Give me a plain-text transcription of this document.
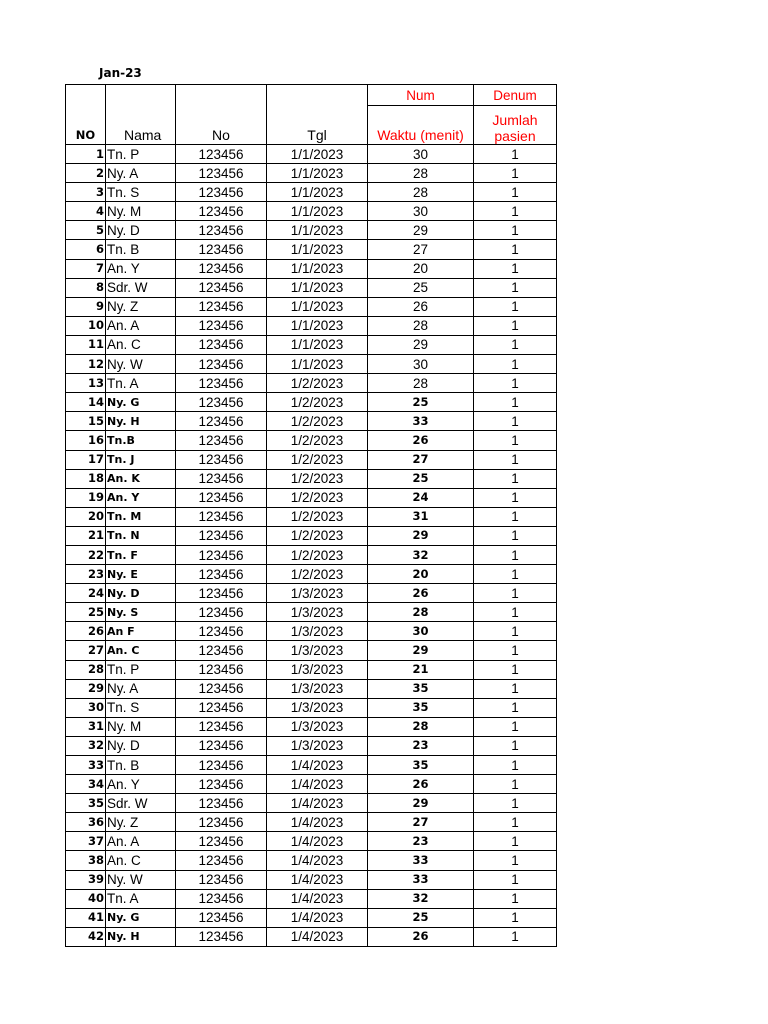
Jan-23
NO	Nama	No	Tgl	Num	Denum
				Waktu (menit)	Jumlah
pasien
1	Tn. P	123456	1/1/2023	30	1
2	Ny. A	123456	1/1/2023	28	1
3	Tn. S	123456	1/1/2023	28	1
4	Ny. M	123456	1/1/2023	30	1
5	Ny. D	123456	1/1/2023	29	1
6	Tn. B	123456	1/1/2023	27	1
7	An. Y	123456	1/1/2023	20	1
8	Sdr. W	123456	1/1/2023	25	1
9	Ny. Z	123456	1/1/2023	26	1
10	An. A	123456	1/1/2023	28	1
11	An. C	123456	1/1/2023	29	1
12	Ny. W	123456	1/1/2023	30	1
13	Tn. A	123456	1/2/2023	28	1
14	Ny. G	123456	1/2/2023	25	1
15	Ny. H	123456	1/2/2023	33	1
16	Tn.B	123456	1/2/2023	26	1
17	Tn. J	123456	1/2/2023	27	1
18	An. K	123456	1/2/2023	25	1
19	An. Y	123456	1/2/2023	24	1
20	Tn. M	123456	1/2/2023	31	1
21	Tn. N	123456	1/2/2023	29	1
22	Tn. F	123456	1/2/2023	32	1
23	Ny. E	123456	1/2/2023	20	1
24	Ny. D	123456	1/3/2023	26	1
25	Ny. S	123456	1/3/2023	28	1
26	An F	123456	1/3/2023	30	1
27	An. C	123456	1/3/2023	29	1
28	Tn. P	123456	1/3/2023	21	1
29	Ny. A	123456	1/3/2023	35	1
30	Tn. S	123456	1/3/2023	35	1
31	Ny. M	123456	1/3/2023	28	1
32	Ny. D	123456	1/3/2023	23	1
33	Tn. B	123456	1/4/2023	35	1
34	An. Y	123456	1/4/2023	26	1
35	Sdr. W	123456	1/4/2023	29	1
36	Ny. Z	123456	1/4/2023	27	1
37	An. A	123456	1/4/2023	23	1
38	An. C	123456	1/4/2023	33	1
39	Ny. W	123456	1/4/2023	33	1
40	Tn. A	123456	1/4/2023	32	1
41	Ny. G	123456	1/4/2023	25	1
42	Ny. H	123456	1/4/2023	26	1
